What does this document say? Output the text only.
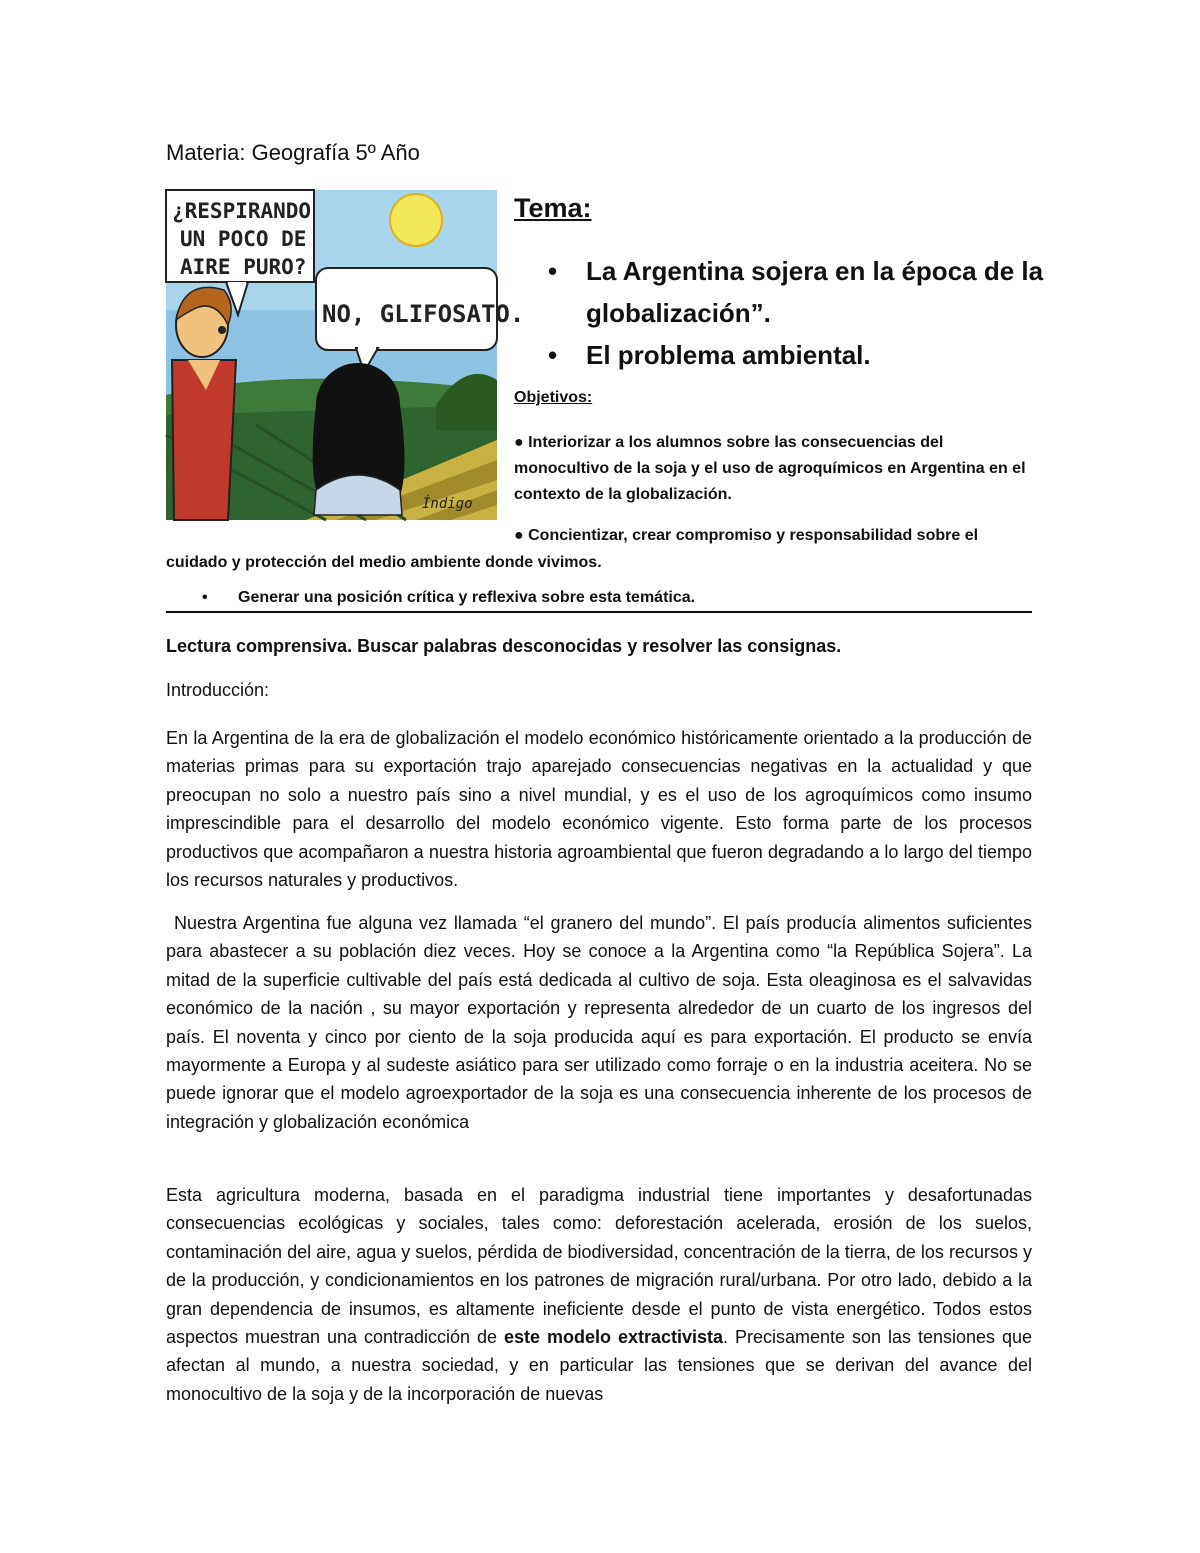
Materia: Geografía 5º Año
¿RESPIRANDO
UN POCO DE
AIRE PURO?
NO, GLIFOSATO.
Índigo
Tema:
• La Argentina sojera en la época de la globalización”.
• El problema ambiental.
Objetivos:
● Interiorizar a los alumnos sobre las consecuencias del monocultivo de la soja y el uso de agroquímicos en Argentina en el contexto de la globalización.
● Concientizar, crear compromiso y responsabilidad sobre el
cuidado y protección del medio ambiente donde vivimos.
• Generar una posición crítica y reflexiva sobre esta temática.
Lectura comprensiva. Buscar palabras desconocidas y resolver las consignas.
Introducción:

En la Argentina de la era de globalización el modelo económico históricamente orientado a la producción de materias primas para su exportación trajo aparejado consecuencias negativas en la actualidad y que preocupan no solo a nuestro país sino a nivel mundial, y es el uso de los agroquímicos como insumo imprescindible para el desarrollo del modelo económico vigente. Esto forma parte de los procesos productivos que acompañaron a nuestra historia agroambiental que fueron degradando a lo largo del tiempo los recursos naturales y productivos.

Nuestra Argentina fue alguna vez llamada “el granero del mundo”. El país producía alimentos suficientes para abastecer a su población diez veces. Hoy se conoce a la Argentina como “la República Sojera”. La mitad de la superficie cultivable del país está dedicada al cultivo de soja. Esta oleaginosa es el salvavidas económico de la nación , su mayor exportación y representa alrededor de un cuarto de los ingresos del país. El noventa y cinco por ciento de la soja producida aquí es para exportación. El producto se envía mayormente a Europa y al sudeste asiático para ser utilizado como forraje o en la industria aceitera. No se puede ignorar que el modelo agroexportador de la soja es una consecuencia inherente de los procesos de integración y globalización económica

Esta agricultura moderna, basada en el paradigma industrial tiene importantes y desafortunadas consecuencias ecológicas y sociales, tales como: deforestación acelerada, erosión de los suelos, contaminación del aire, agua y suelos, pérdida de biodiversidad, concentración de la tierra, de los recursos y de la producción, y condicionamientos en los patrones de migración rural/urbana. Por otro lado, debido a la gran dependencia de insumos, es altamente ineficiente desde el punto de vista energético. Todos estos aspectos muestran una contradicción de este modelo extractivista. Precisamente son las tensiones que afectan al mundo, a nuestra sociedad, y en particular las tensiones que se derivan del avance del monocultivo de la soja y de la incorporación de nuevas
